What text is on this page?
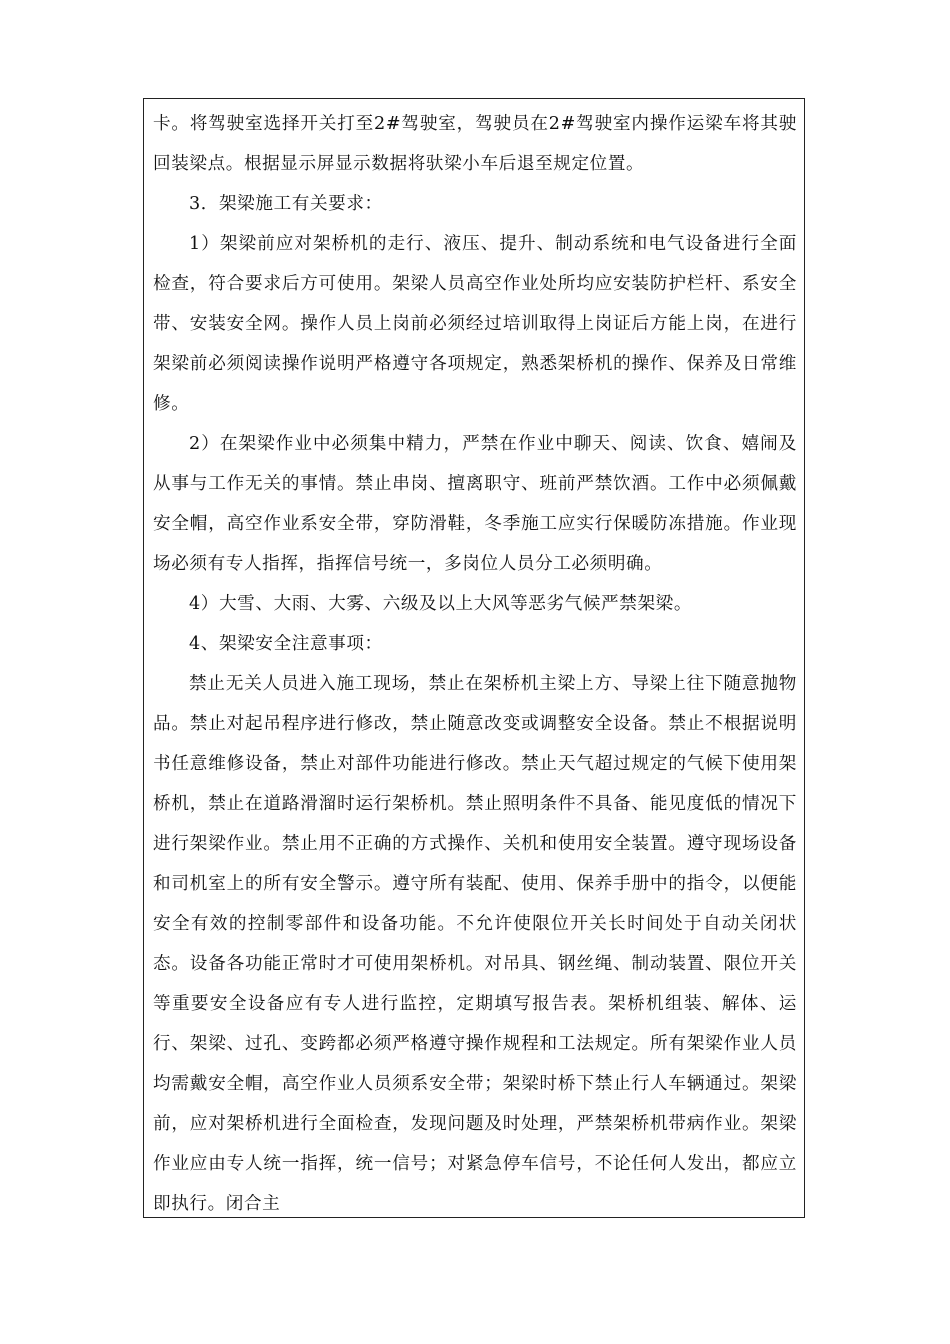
卡。将驾驶室选择开关打至2#驾驶室，驾驶员在2#驾驶室内操作运梁车将其驶回装梁点。根据显示屏显示数据将驮梁小车后退至规定位置。

3．架梁施工有关要求：

1）架梁前应对架桥机的走行、液压、提升、制动系统和电气设备进行全面检查，符合要求后方可使用。架梁人员高空作业处所均应安装防护栏杆、系安全带、安装安全网。操作人员上岗前必须经过培训取得上岗证后方能上岗，在进行架梁前必须阅读操作说明严格遵守各项规定，熟悉架桥机的操作、保养及日常维修。

2）在架梁作业中必须集中精力，严禁在作业中聊天、阅读、饮食、嬉闹及从事与工作无关的事情。禁止串岗、擅离职守、班前严禁饮酒。工作中必须佩戴安全帽，高空作业系安全带，穿防滑鞋，冬季施工应实行保暖防冻措施。作业现场必须有专人指挥，指挥信号统一，多岗位人员分工必须明确。

4）大雪、大雨、大雾、六级及以上大风等恶劣气候严禁架梁。

4、架梁安全注意事项：

禁止无关人员进入施工现场，禁止在架桥机主梁上方、导梁上往下随意抛物品。禁止对起吊程序进行修改，禁止随意改变或调整安全设备。禁止不根据说明书任意维修设备，禁止对部件功能进行修改。禁止天气超过规定的气候下使用架桥机，禁止在道路滑溜时运行架桥机。禁止照明条件不具备、能见度低的情况下进行架梁作业。禁止用不正确的方式操作、关机和使用安全装置。遵守现场设备和司机室上的所有安全警示。遵守所有装配、使用、保养手册中的指令，以便能安全有效的控制零部件和设备功能。不允许使限位开关长时间处于自动关闭状态。设备各功能正常时才可使用架桥机。对吊具、钢丝绳、制动装置、限位开关等重要安全设备应有专人进行监控，定期填写报告表。架桥机组装、解体、运行、架梁、过孔、变跨都必须严格遵守操作规程和工法规定。所有架梁作业人员均需戴安全帽，高空作业人员须系安全带；架梁时桥下禁止行人车辆通过。架梁前，应对架桥机进行全面检查，发现问题及时处理，严禁架桥机带病作业。架梁作业应由专人统一指挥，统一信号；对紧急停车信号，不论任何人发出，都应立即执行。闭合主
